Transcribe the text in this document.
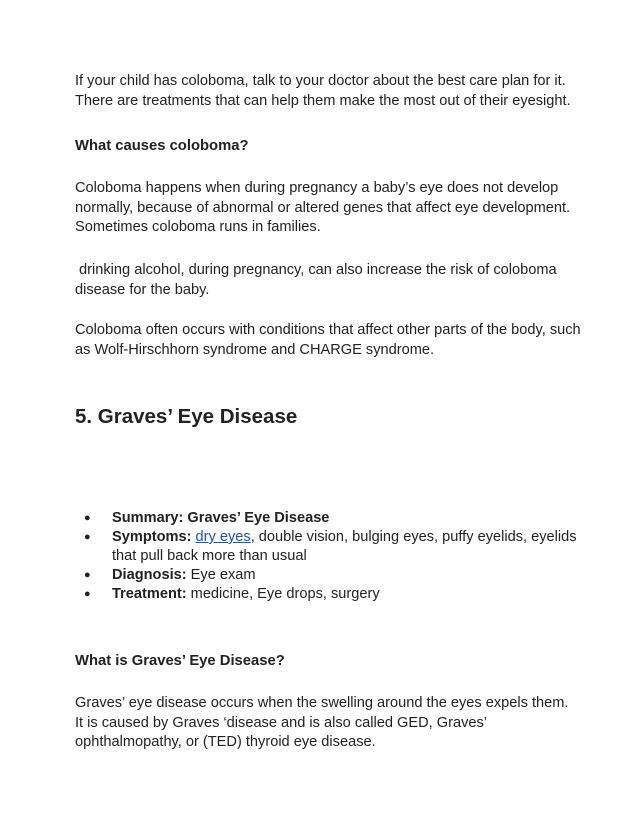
If your child has coloboma, talk to your doctor about the best care plan for it.
There are treatments that can help them make the most out of their eyesight.

What causes coloboma?

Coloboma happens when during pregnancy a baby’s eye does not develop
normally, because of abnormal or altered genes that affect eye development.
Sometimes coloboma runs in families.

drinking alcohol, during pregnancy, can also increase the risk of coloboma
disease for the baby.

Coloboma often occurs with conditions that affect other parts of the body, such
as Wolf-Hirschhorn syndrome and CHARGE syndrome.

5. Graves’ Eye Disease
● Summary: Graves’ Eye Disease
● Symptoms: dry eyes, double vision, bulging eyes, puffy eyelids, eyelids
that pull back more than usual
● Diagnosis: Eye exam
● Treatment: medicine, Eye drops, surgery
What is Graves’ Eye Disease?

Graves’ eye disease occurs when the swelling around the eyes expels them.
It is caused by Graves ‘disease and is also called GED, Graves’
ophthalmopathy, or (TED) thyroid eye disease.
